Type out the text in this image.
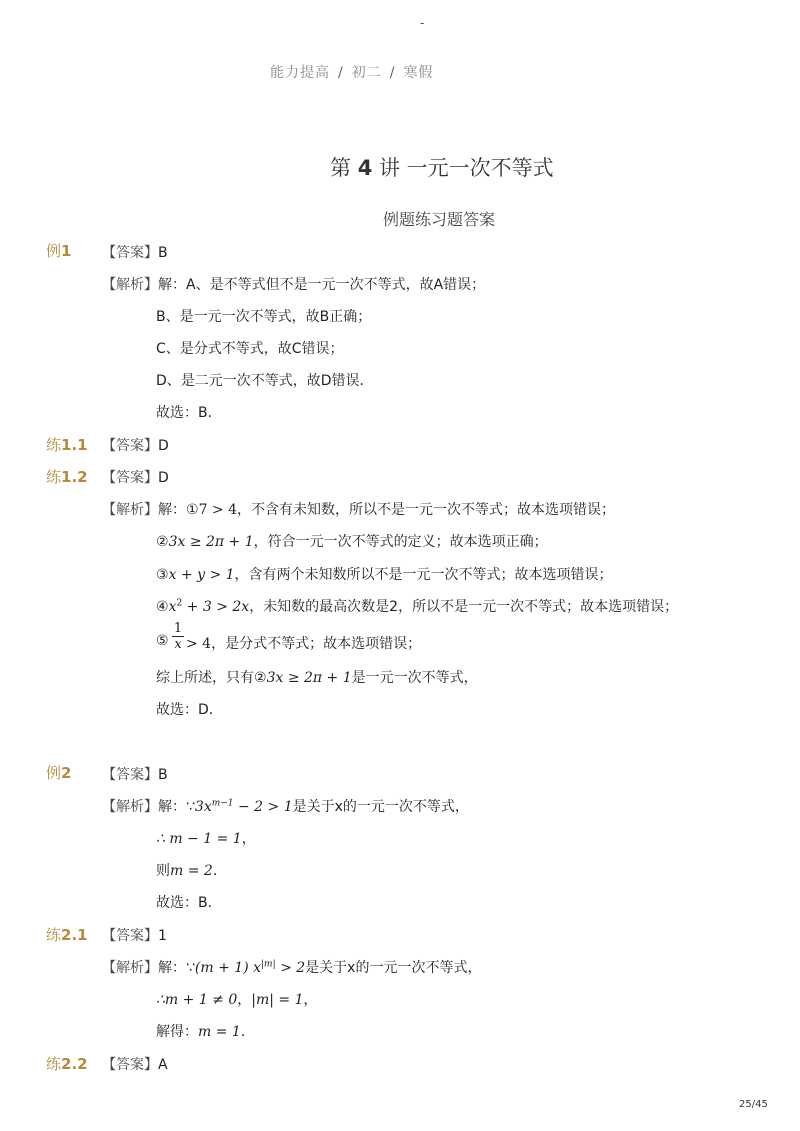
-
能力提高 / 初二 / 寒假
第 4 讲 一元一次不等式
例题练习题答案
例1 【答案】B
【解析】解：A、是不等式但不是一元一次不等式，故A错误；
B、是一元一次不等式，故B正确；
C、是分式不等式，故C错误；
D、是二元一次不等式，故D错误．
故选：B．
练1.1 【答案】D
练1.2 【答案】D
【解析】解：①7 > 4，不含有未知数，所以不是一元一次不等式；故本选项错误；
②3x ≥ 2π + 1，符合一元一次不等式的定义；故本选项正确；
③x + y > 1，含有两个未知数所以不是一元一次不等式；故本选项错误；
$④x^2 + 3 > 2x$，未知数的最高次数是2，所以不是一元一次不等式；故本选项错误；
⑤
1
x > 4，是分式不等式；故本选项错误；
综上所述，只有②3x ≥ 2π + 1是一元一次不等式，
故选：D．
例2 【答案】B
【解析】解：$\because 3x^{m-1} - 2 > 1$是关于x的一元一次不等式，
∴ m − 1 = 1，
则m = 2．
故选：B．
练2.1 【答案】1
【解析】解：∵(m + 1) $x^{|m|} > 2$是关于x的一元一次不等式，
∴m + 1 ≠ 0，|m| = 1，
解得：m = 1．
练2.2 【答案】A
25/45
